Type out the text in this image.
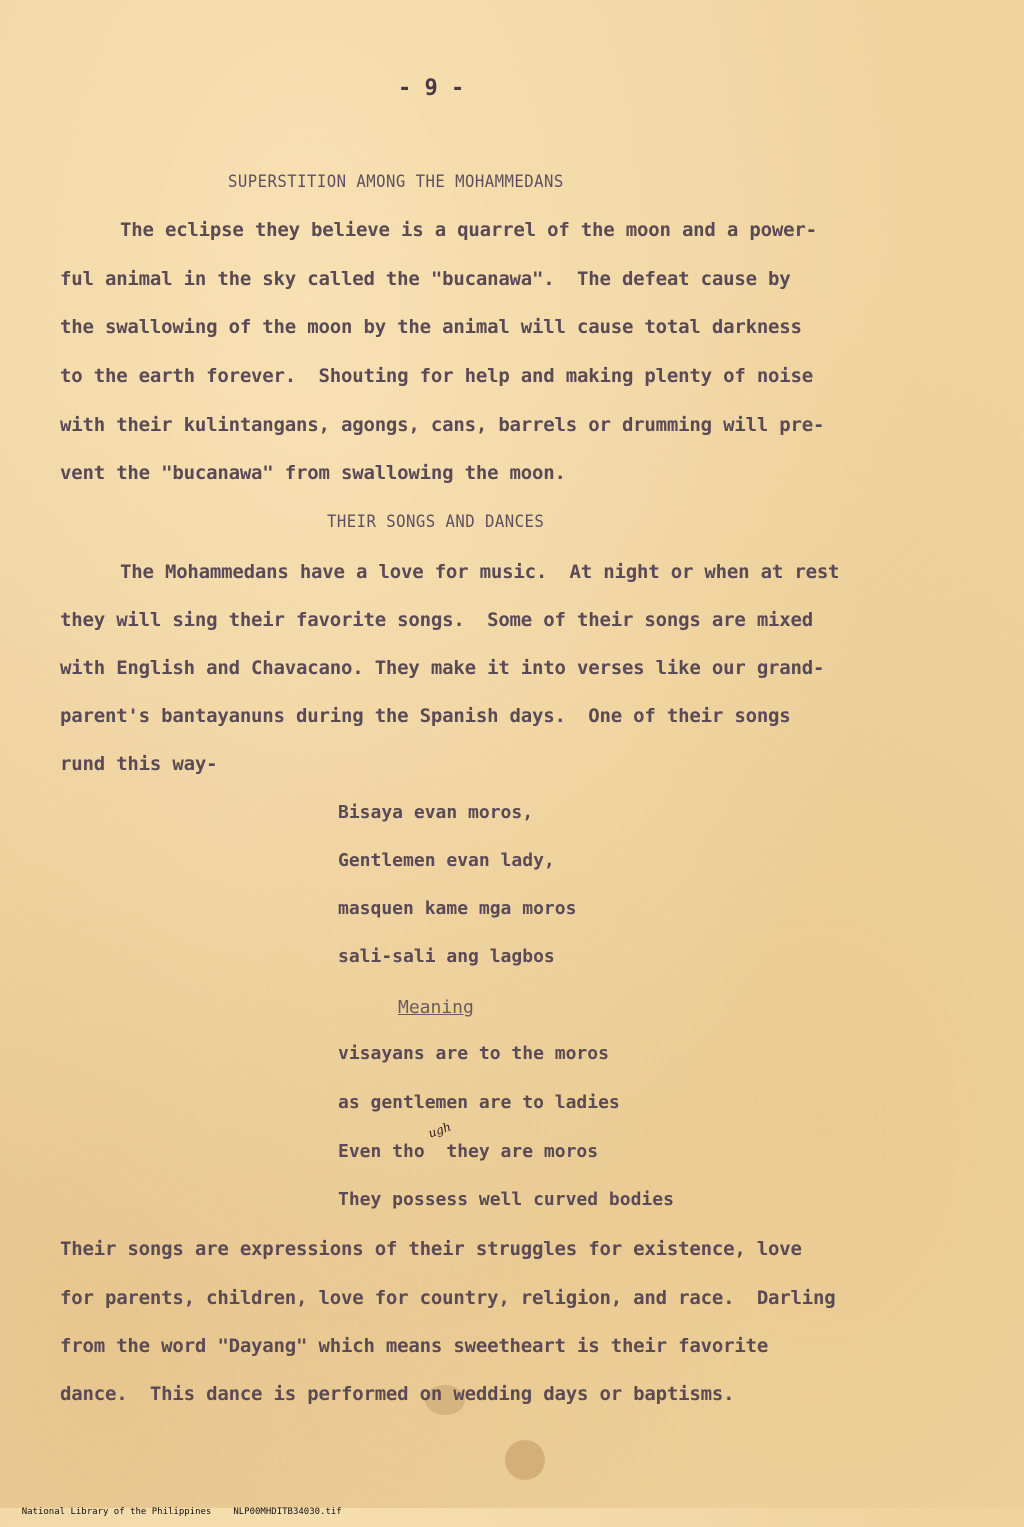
- 9 -
SUPERSTITION AMONG THE MOHAMMEDANS
The eclipse they believe is a quarrel of the moon and a power-
ful animal in the sky called the "bucanawa".  The defeat cause by
the swallowing of the moon by the animal will cause total darkness
to the earth forever.  Shouting for help and making plenty of noise
with their kulintangans, agongs, cans, barrels or drumming will pre-
vent the "bucanawa" from swallowing the moon.
THEIR SONGS AND DANCES
The Mohammedans have a love for music.  At night or when at rest
they will sing their favorite songs.  Some of their songs are mixed
with English and Chavacano. They make it into verses like our grand-
parent's bantayanuns during the Spanish days.  One of their songs
rund this way-
Bisaya evan moros,
Gentlemen evan lady,
masquen kame mga moros
sali-sali ang lagbos
Meaning
visayans are to the moros
as gentlemen are to ladies
Even tho  they are moros
They possess well curved bodies
ugh
Their songs are expressions of their struggles for existence, love
for parents, children, love for country, religion, and race.  Darling
from the word "Dayang" which means sweetheart is their favorite
dance.  This dance is performed on wedding days or baptisms.

National Library of the Philippines NLP00MHDITB34030.tif
